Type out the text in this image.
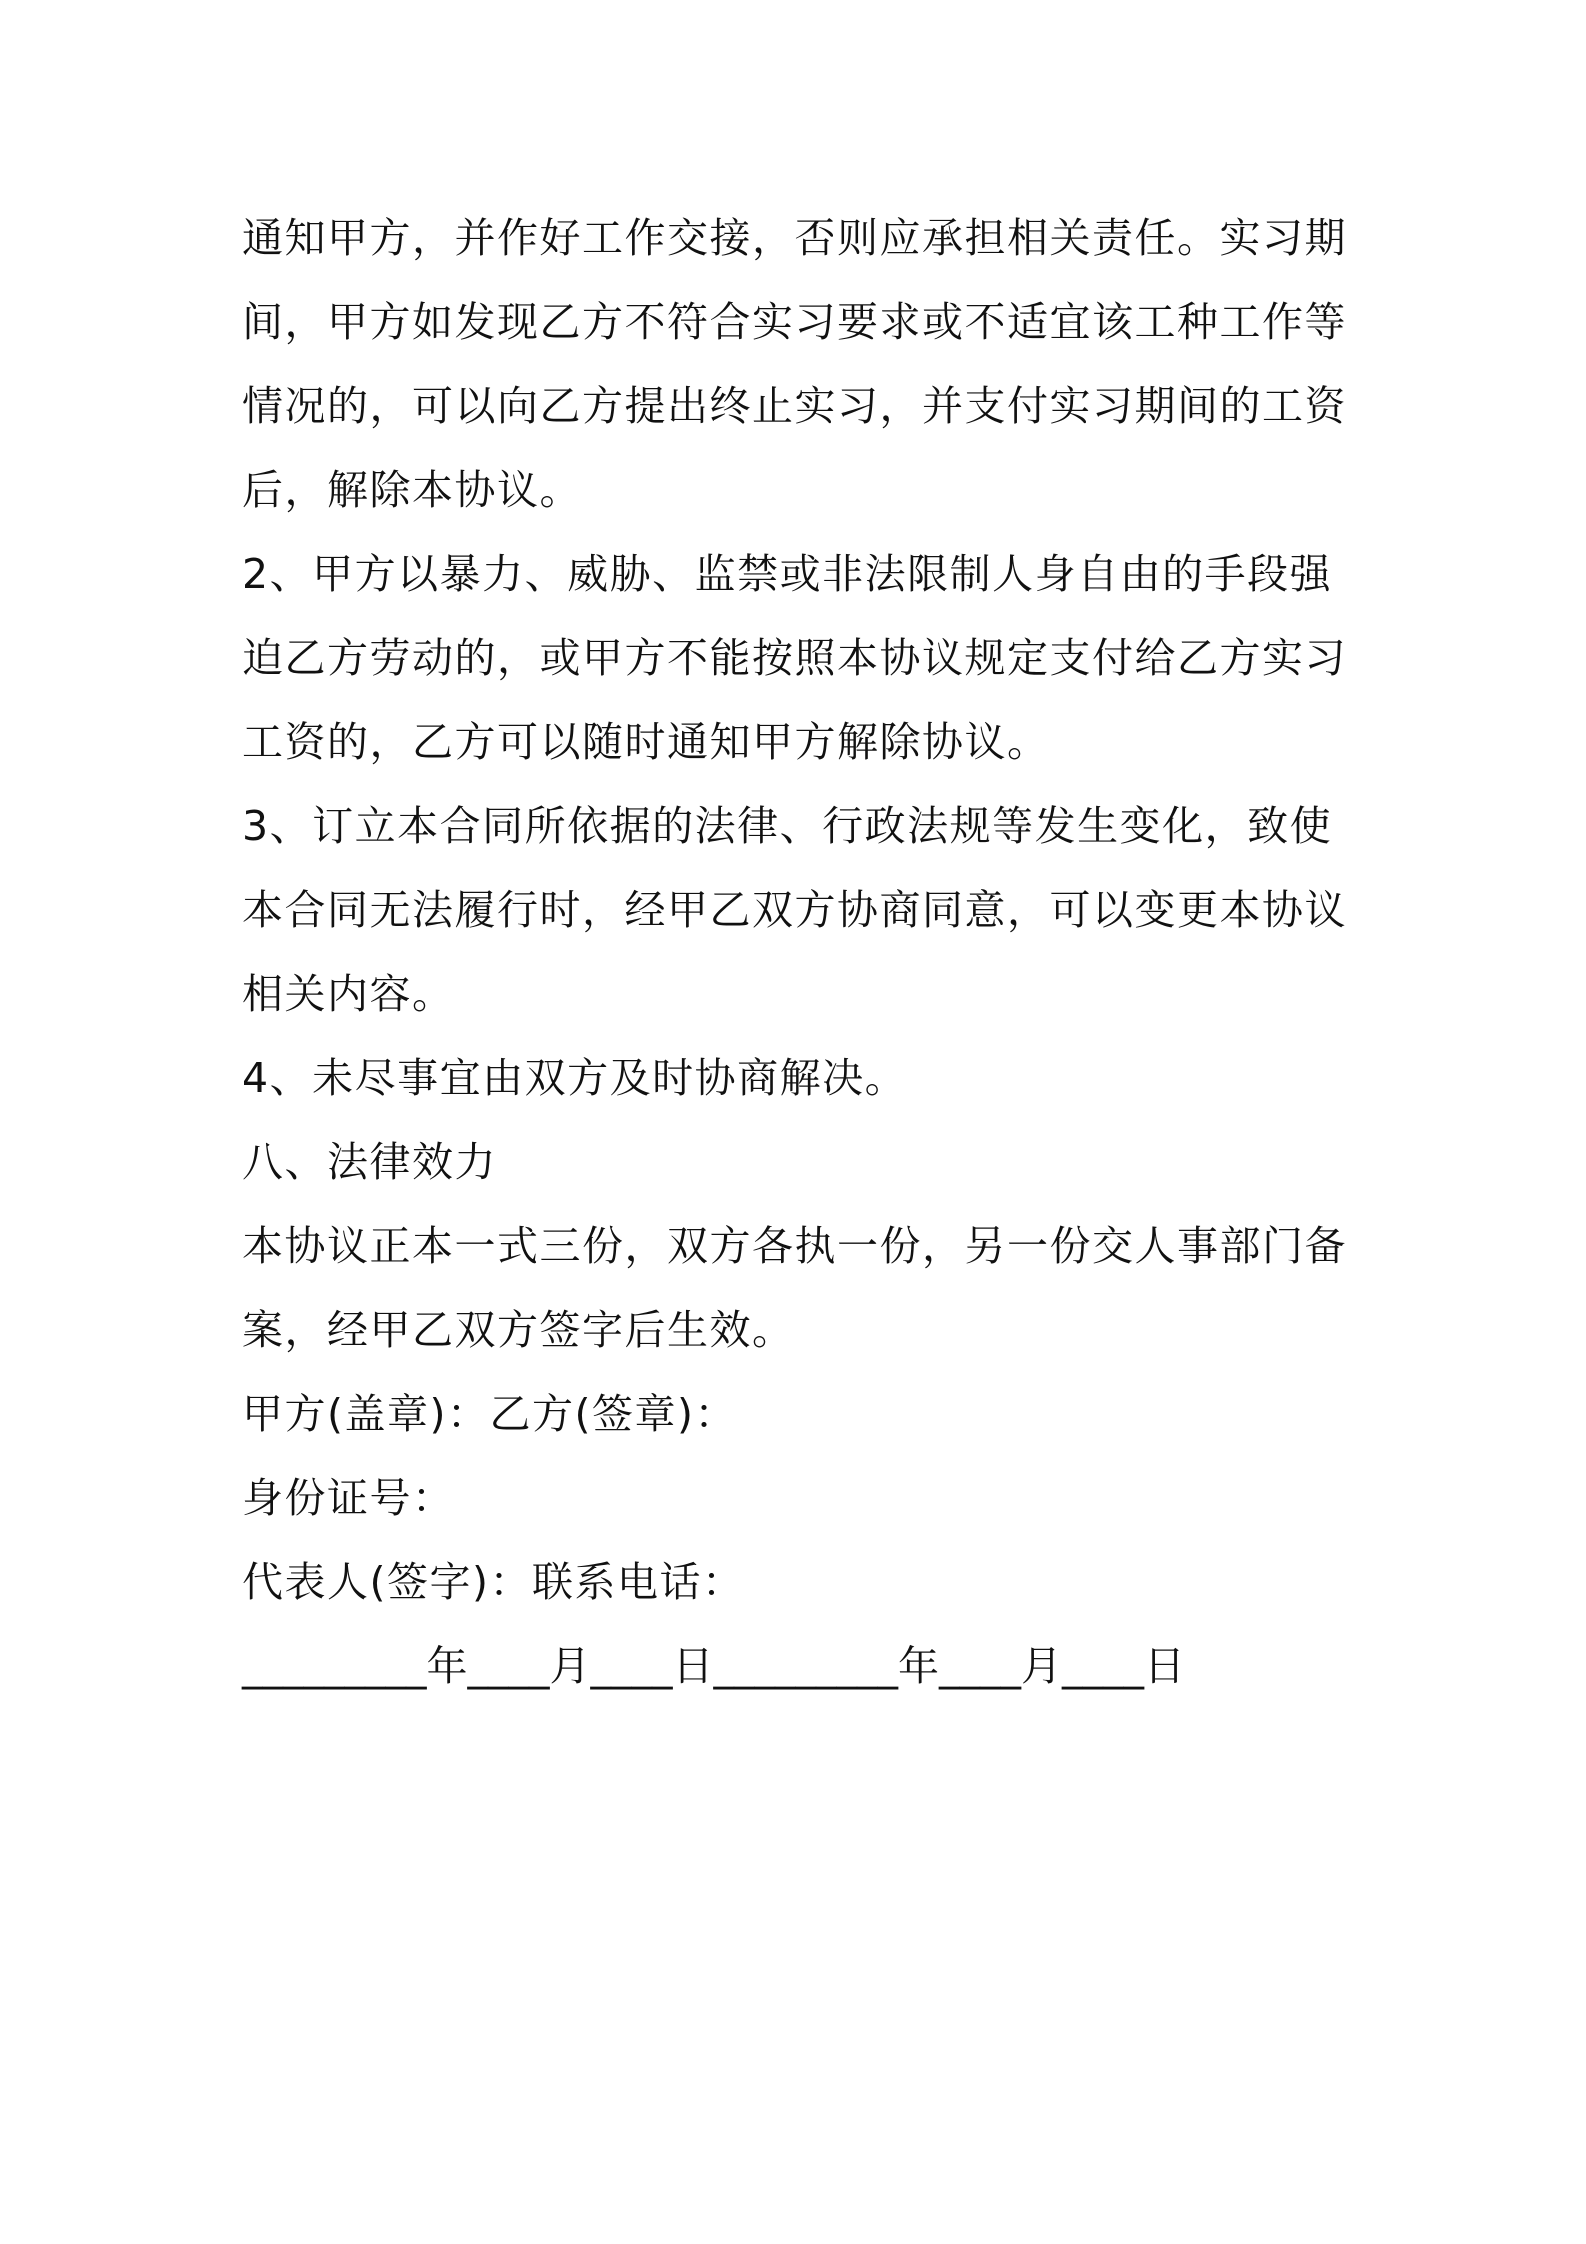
通知甲方，并作好工作交接，否则应承担相关责任。实习期
间，甲方如发现乙方不符合实习要求或不适宜该工种工作等
情况的，可以向乙方提出终止实习，并支付实习期间的工资
后，解除本协议。
2、甲方以暴力、威胁、监禁或非法限制人身自由的手段强
迫乙方劳动的，或甲方不能按照本协议规定支付给乙方实习
工资的，乙方可以随时通知甲方解除协议。
3、订立本合同所依据的法律、行政法规等发生变化，致使
本合同无法履行时，经甲乙双方协商同意，可以变更本协议
相关内容。
4、未尽事宜由双方及时协商解决。
八、法律效力
本协议正本一式三份，双方各执一份，另一份交人事部门备
案，经甲乙双方签字后生效。
甲方(盖章)：乙方(签章)：
身份证号：
代表人(签字)：联系电话：
_________年____月____日_________年____月____日
